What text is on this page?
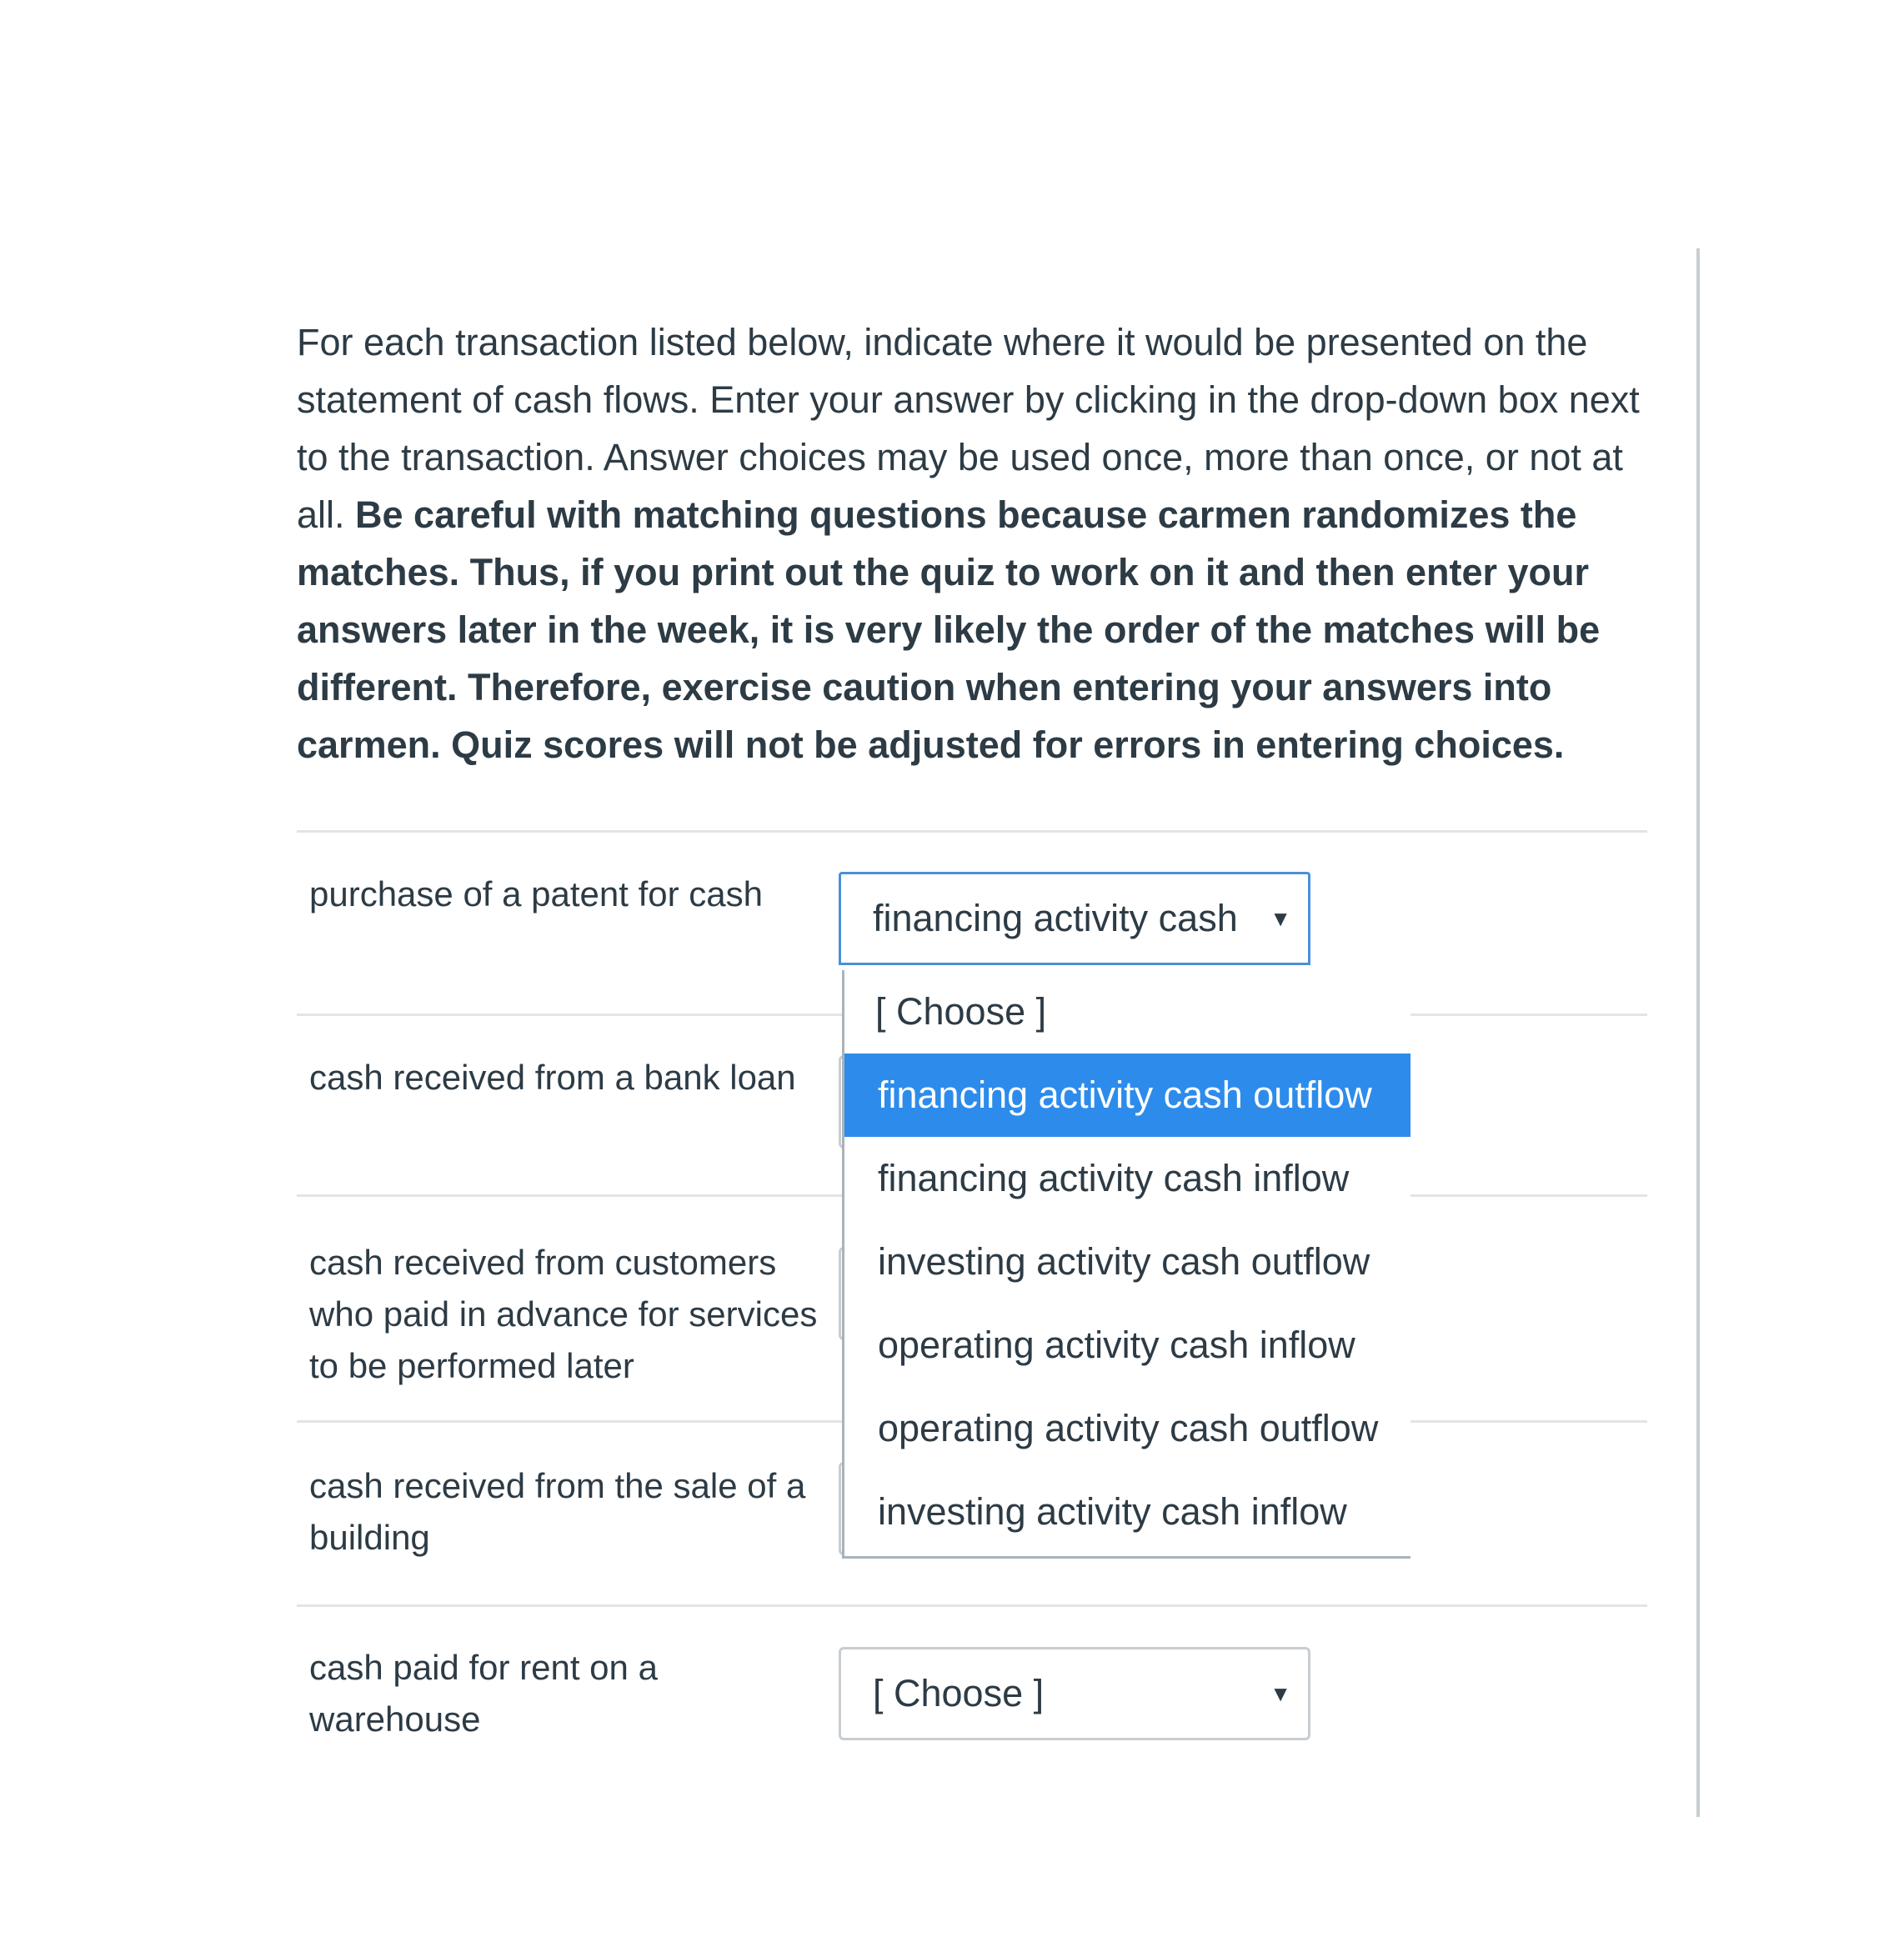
For each transaction listed below, indicate where it would be presented on the statement of cash flows. Enter your answer by clicking in the drop-down box next to the transaction. Answer choices may be used once, more than once, or not at all. Be careful with matching questions because carmen randomizes the matches. Thus, if you print out the quiz to work on it and then enter your answers later in the week, it is very likely the order of the matches will be different. Therefore, exercise caution when entering your answers into carmen. Quiz scores will not be adjusted for errors in entering choices.
purchase of a patent for cash
financing activity cash ▼
cash received from a bank loan
cash received from customers who paid in advance for services to be performed later
cash received from the sale of a building
cash paid for rent on a warehouse
[ Choose ]	▼
[ Choose ]
financing activity cash outflow
financing activity cash inflow
investing activity cash outflow
operating activity cash inflow
operating activity cash outflow
investing activity cash inflow
